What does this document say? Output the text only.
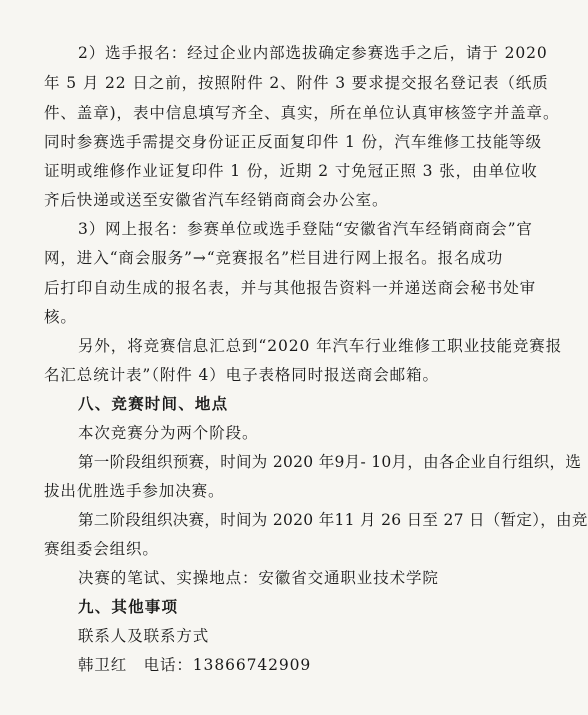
2）选手报名：经过企业内部选拔确定参赛选手之后，请于 2020
年 5 月 22 日之前，按照附件 2、附件 3 要求提交报名登记表（纸质
件、盖章)，表中信息填写齐全、真实，所在单位认真审核签字并盖章。
同时参赛选手需提交身份证正反面复印件 1 份，汽车维修工技能等级
证明或维修作业证复印件 1 份，近期 2 寸免冠正照 3 张，由单位收
齐后快递或送至安徽省汽车经销商商会办公室。
3）网上报名：参赛单位或选手登陆“安徽省汽车经销商商会”官
网，进入“商会服务”→“竞赛报名”栏目进行网上报名。报名成功
后打印自动生成的报名表，并与其他报告资料一并递送商会秘书处审
核。
另外，将竞赛信息汇总到“2020 年汽车行业维修工职业技能竞赛报
名汇总统计表”（附件 4）电子表格同时报送商会邮箱。
八、竞赛时间、地点
本次竞赛分为两个阶段。
第一阶段组织预赛，时间为 2020 年9月- 10月，由各企业自行组织，选
拔出优胜选手参加决赛。
第二阶段组织决赛，时间为 2020 年11 月 26 日至 27 日（暂定），由竞
赛组委会组织。
决赛的笔试、实操地点：安徽省交通职业技术学院
九、其他事项
联系人及联系方式
韩卫红　电话：13866742909
